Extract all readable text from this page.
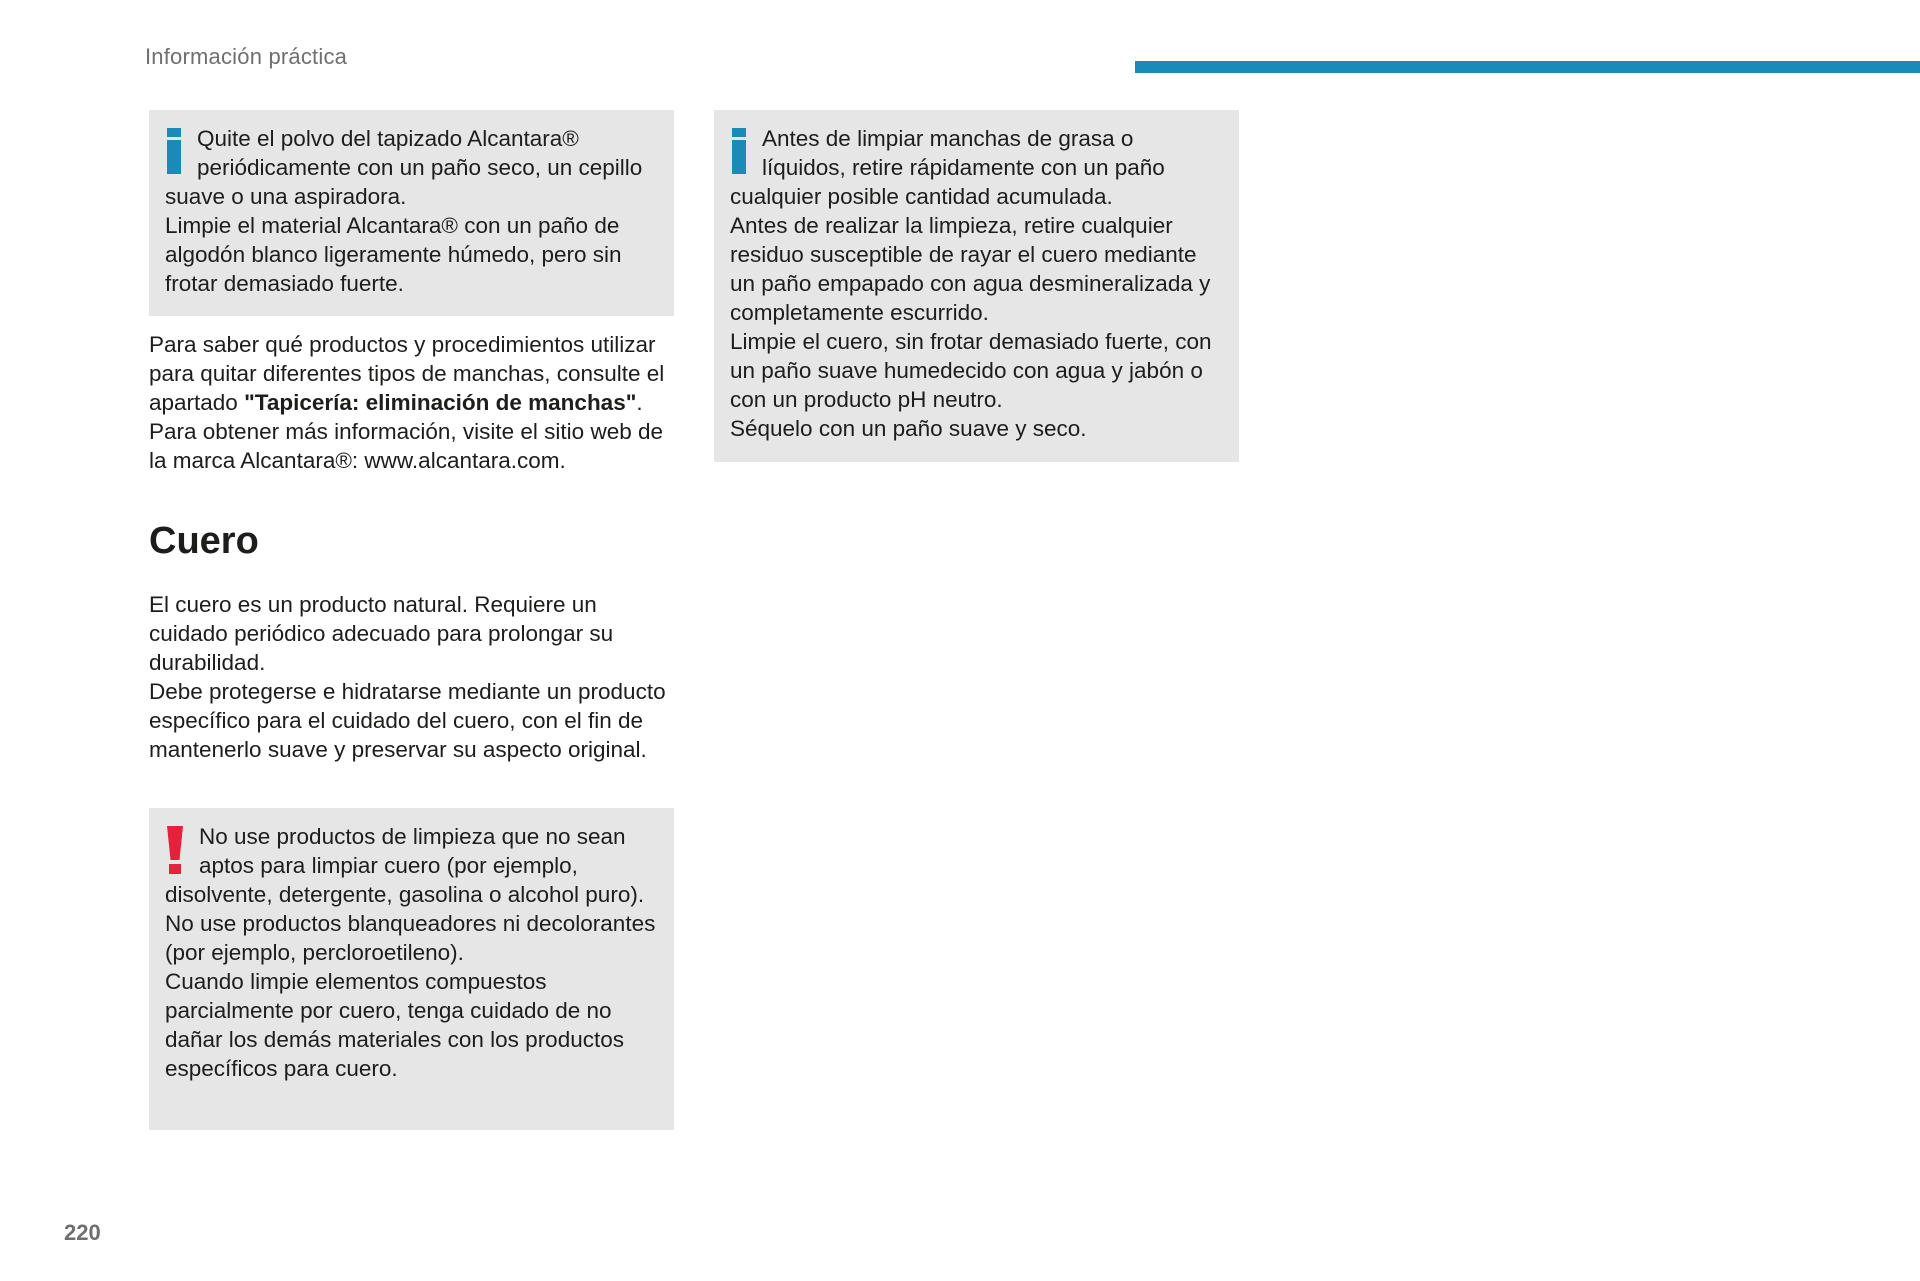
Información práctica

Quite el polvo del tapizado Alcantara® periódicamente con un paño seco, un cepillo suave o una aspiradora.

Limpie el material Alcantara® con un paño de algodón blanco ligeramente húmedo, pero sin frotar demasiado fuerte.

Para saber qué productos y procedimientos utilizar para quitar diferentes tipos de manchas, consulte el apartado "Tapicería: eliminación de manchas".

Para obtener más información, visite el sitio web de la marca Alcantara®: www.alcantara.com.

Cuero

El cuero es un producto natural. Requiere un cuidado periódico adecuado para prolongar su durabilidad.

Debe protegerse e hidratarse mediante un producto específico para el cuidado del cuero, con el fin de mantenerlo suave y preservar su aspecto original.

No use productos de limpieza que no sean aptos para limpiar cuero (por ejemplo, disolvente, detergente, gasolina o alcohol puro).

No use productos blanqueadores ni decolorantes (por ejemplo, percloroetileno).

Cuando limpie elementos compuestos parcialmente por cuero, tenga cuidado de no dañar los demás materiales con los productos específicos para cuero.

Antes de limpiar manchas de grasa o líquidos, retire rápidamente con un paño cualquier posible cantidad acumulada.

Antes de realizar la limpieza, retire cualquier residuo susceptible de rayar el cuero mediante un paño empapado con agua desmineralizada y completamente escurrido.

Limpie el cuero, sin frotar demasiado fuerte, con un paño suave humedecido con agua y jabón o con un producto pH neutro.

Séquelo con un paño suave y seco.

220
